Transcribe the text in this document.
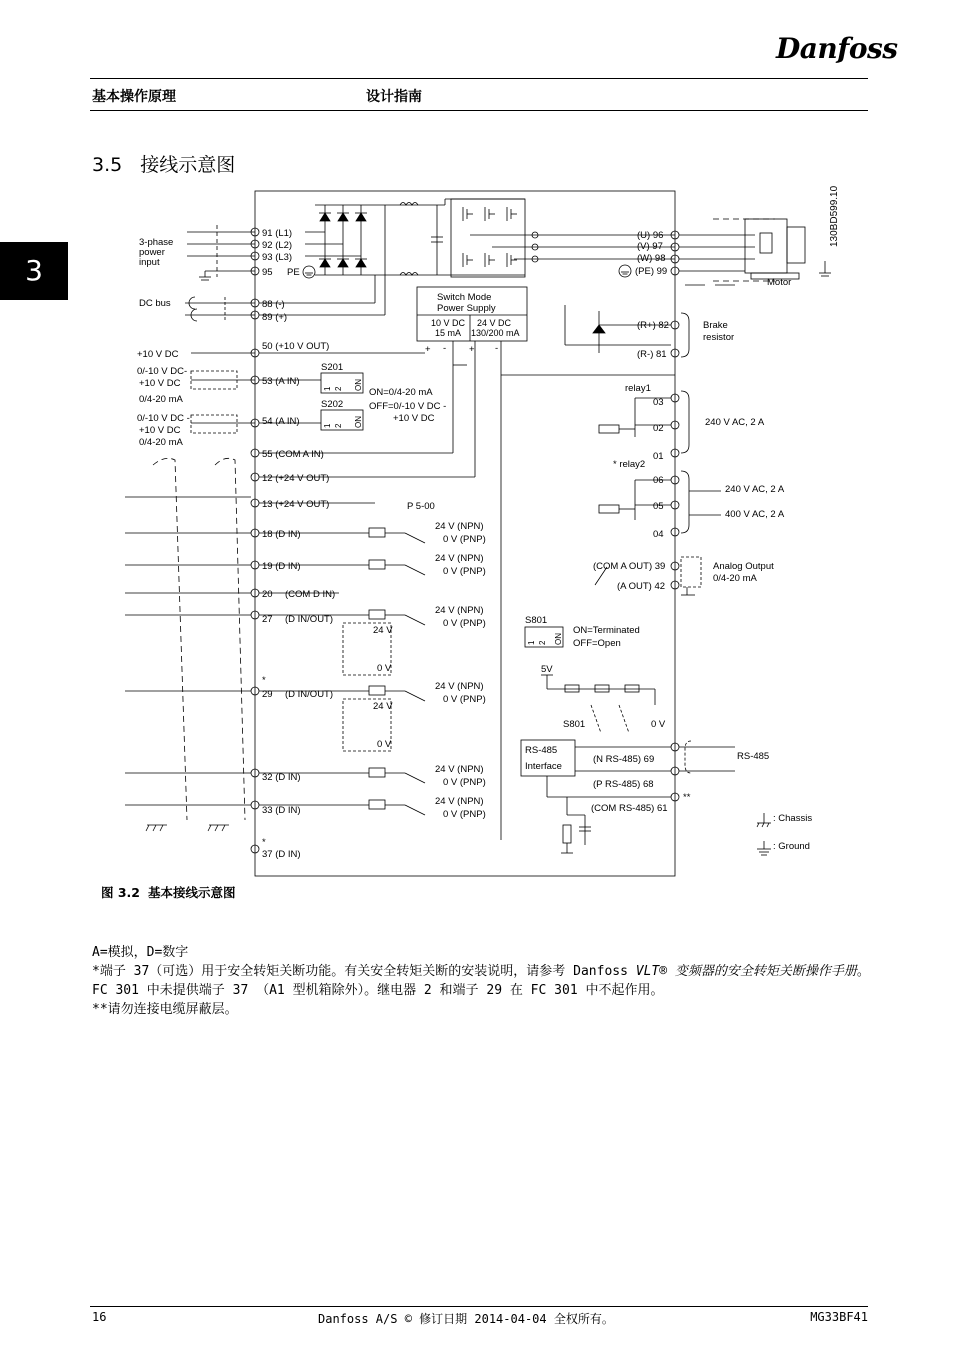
Danfoss
基本操作原理	设计指南
3
3.5 接线示意图
130BD599.10
3-phase
power
input
91 (L1)
92 (L2)
93 (L3)
95 PE
DC bus	88 (-)
89 (+)
+10 V DC
50 (+10 V OUT)
Switch Mode
Power Supply
10 V DC
15 mA
24 V DC
130/200 mA
+ - + -
0/-10 V DC-
+10 V DC
0/4-20 mA
0/-10 V DC -
+10 V DC
0/4-20 mA
53 (A IN)
54 (A IN)
S201
1 2 ON
S202
1 2 ON
ON=0/4-20 mA
OFF=0/-10 V DC -
+10 V DC
55 (COM A IN)
12 (+24 V OUT)
13 (+24 V OUT)	P 5-00
18 (D IN)
24 V (NPN)
0 V (PNP)
19 (D IN)
24 V (NPN)
0 V (PNP)
20 (COM D IN)
27 (D IN/OUT)
24 V (NPN)
0 V (PNP)
24 V
0 V
*
29 (D IN/OUT)
24 V (NPN)
0 V (PNP)
24 V
0 V
32 (D IN)
24 V (NPN)
0 V (PNP)
33 (D IN)
24 V (NPN)
0 V (PNP)
*
37 (D IN)
(U) 96
(V) 97
(W) 98
(PE) 99
Motor
(R+) 82
(R-) 81
Brake
resistor
relay1
03
02
01
240 V AC, 2 A
* relay2
06
05
04
240 V AC, 2 A
400 V AC, 2 A
(COM A OUT) 39
(A OUT) 42
Analog Output
0/4-20 mA
S801
1 2 ON
ON=Terminated
OFF=Open
5V
S801	0 V
RS-485
Interface
(N RS-485) 69
(P RS-485) 68
(COM RS-485) 61
**
RS-485
: Chassis
: Ground
图 3.2 基本接线示意图

A=模拟，D=数字

*端子 37（可选）用于安全转矩关断功能。有关安全转矩关断的安装说明，请参考 Danfoss VLT® 变频器的安全转矩关断操作手册。FC 301 中未提供端子 37 （A1 型机箱除外）。继电器 2 和端子 29 在 FC 301 中不起作用。

**请勿连接电缆屏蔽层。

16	Danfoss A/S © 修订日期 2014-04-04 全权所有。	MG33BF41
